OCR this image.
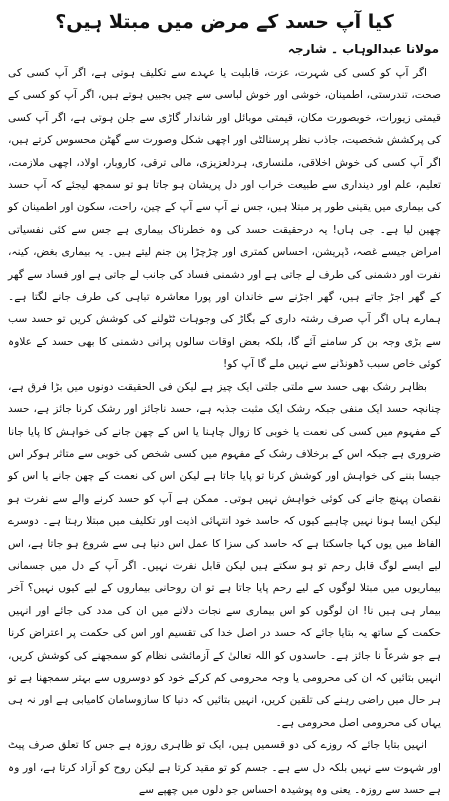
کیا آپ حسد کے مرض میں مبتلا ہیں؟
مولانا عبدالوہاب ۔ شارجہ

اگر آپ کو کسی کی شہرت، عزت، قابلیت یا عہدے سے تکلیف ہوتی ہے، اگر آپ کسی کی صحت، تندرستی، اطمینان، خوشی اور خوش لباسی سے چیں بجبیں ہوتے ہیں، اگر آپ کو کسی کے قیمتی زیورات، خوبصورت مکان، قیمتی موبائل اور شاندار گاڑی سے جلن ہوتی ہے، اگر آپ کسی کی پرکشش شخصیت، جاذب نظر پرسنالٹی اور اچھی شکل وصورت سے گھٹن محسوس کرتے ہیں، اگر آپ کسی کی خوش اخلاقی، ملنساری، ہردلعزیزی، مالی ترقی، کاروبار، اولاد، اچھی ملازمت، تعلیم، علم اور دینداری سے طبیعت خراب اور دل پریشان ہو جاتا ہو تو سمجھ لیجئے کہ آپ حسد کی بیماری میں یقینی طور پر مبتلا ہیں، جس نے آپ سے آپ کے چین، راحت، سکون اور اطمینان کو چھین لیا ہے۔ جی ہاں! یہ درحقیقت حسد کی وہ خطرناک بیماری ہے جس سے کئی نفسیاتی امراض جیسے غصہ، ڈپریشن، احساس کمتری اور چڑچڑا پن جنم لیتے ہیں۔ یہ بیماری بغض، کینہ، نفرت اور دشمنی کی طرف لے جاتی ہے اور دشمنی فساد کی جانب لے جاتی ہے اور فساد سے گھر کے گھر اجڑ جاتے ہیں، گھر اجڑنے سے خاندان اور پورا معاشرہ تباہی کی طرف جانے لگتا ہے۔ ہمارے ہاں اگر آپ صرف رشتہ داری کے بگاڑ کی وجوہات ٹٹولنے کی کوشش کریں تو حسد سب سے بڑی وجہ بن کر سامنے آئے گا، بلکہ بعض اوقات سالوں پرانی دشمنی کا بھی حسد کے علاوہ کوئی خاص سبب ڈھونڈنے سے نہیں ملے گا آپ کو!

بظاہر رشک بھی حسد سے ملتی جلتی ایک چیز ہے لیکن فی الحقیقت دونوں میں بڑا فرق ہے، چنانچہ حسد ایک منفی جبکہ رشک ایک مثبت جذبہ ہے، حسد ناجائز اور رشک کرنا جائز ہے، حسد کے مفہوم میں کسی کی نعمت یا خوبی کا زوال چاہنا یا اس کے چھن جانے کی خواہش کا پایا جانا ضروری ہے جبکہ اس کے برخلاف رشک کے مفہوم میں کسی شخص کی خوبی سے متاثر ہوکر اس جیسا بننے کی خواہش اور کوشش کرنا تو پایا جاتا ہے لیکن اس کی نعمت کے چھن جانے یا اس کو نقصان پہنچ جانے کی کوئی خواہش نہیں ہوتی۔ ممکن ہے آپ کو حسد کرنے والے سے نفرت ہو لیکن ایسا ہونا نہیں چاہیے کیوں کہ حاسد خود انتہائی اذیت اور تکلیف میں مبتلا رہتا ہے۔ دوسرے الفاظ میں یوں کہا جاسکتا ہے کہ حاسد کی سزا کا عمل اس دنیا ہی سے شروع ہو جاتا ہے، اس لیے ایسے لوگ قابل رحم تو ہو سکتے ہیں لیکن قابل نفرت نہیں۔ اگر آپ کے دل میں جسمانی بیماریوں میں مبتلا لوگوں کے لیے رحم پایا جاتا ہے تو ان روحانی بیماروں کے لیے کیوں نہیں؟ آخر بیمار ہی ہیں نا! ان لوگوں کو اس بیماری سے نجات دلانے میں ان کی مدد کی جائے اور انہیں حکمت کے ساتھ یہ بتایا جائے کہ حسد در اصل خدا کی تقسیم اور اس کی حکمت پر اعتراض کرنا ہے جو شرعاً نا جائز ہے۔ حاسدوں کو اللہ تعالیٰ کے آزمائشی نظام کو سمجھنے کی کوشش کریں، انہیں بتائیں کہ ان کی محرومی یا وجہ محرومی کم کرکے خود کو دوسروں سے بہتر سمجھنا ہے تو ہر حال میں راضی رہنے کی تلقین کریں، انہیں بتائیں کہ دنیا کا سازوسامان کامیابی ہے اور نہ ہی یہاں کی محرومی اصل محرومی ہے۔

انہیں بتایا جائے کہ روزے کی دو قسمیں ہیں، ایک تو ظاہری روزہ ہے جس کا تعلق صرف پیٹ اور شہوت سے نہیں بلکہ دل سے ہے۔ جسم کو تو مقید کرتا ہے لیکن روح کو آزاد کرتا ہے، اور وہ ہے حسد سے روزہ۔ یعنی وہ پوشیدہ احساس جو دلوں میں چھپے سے
